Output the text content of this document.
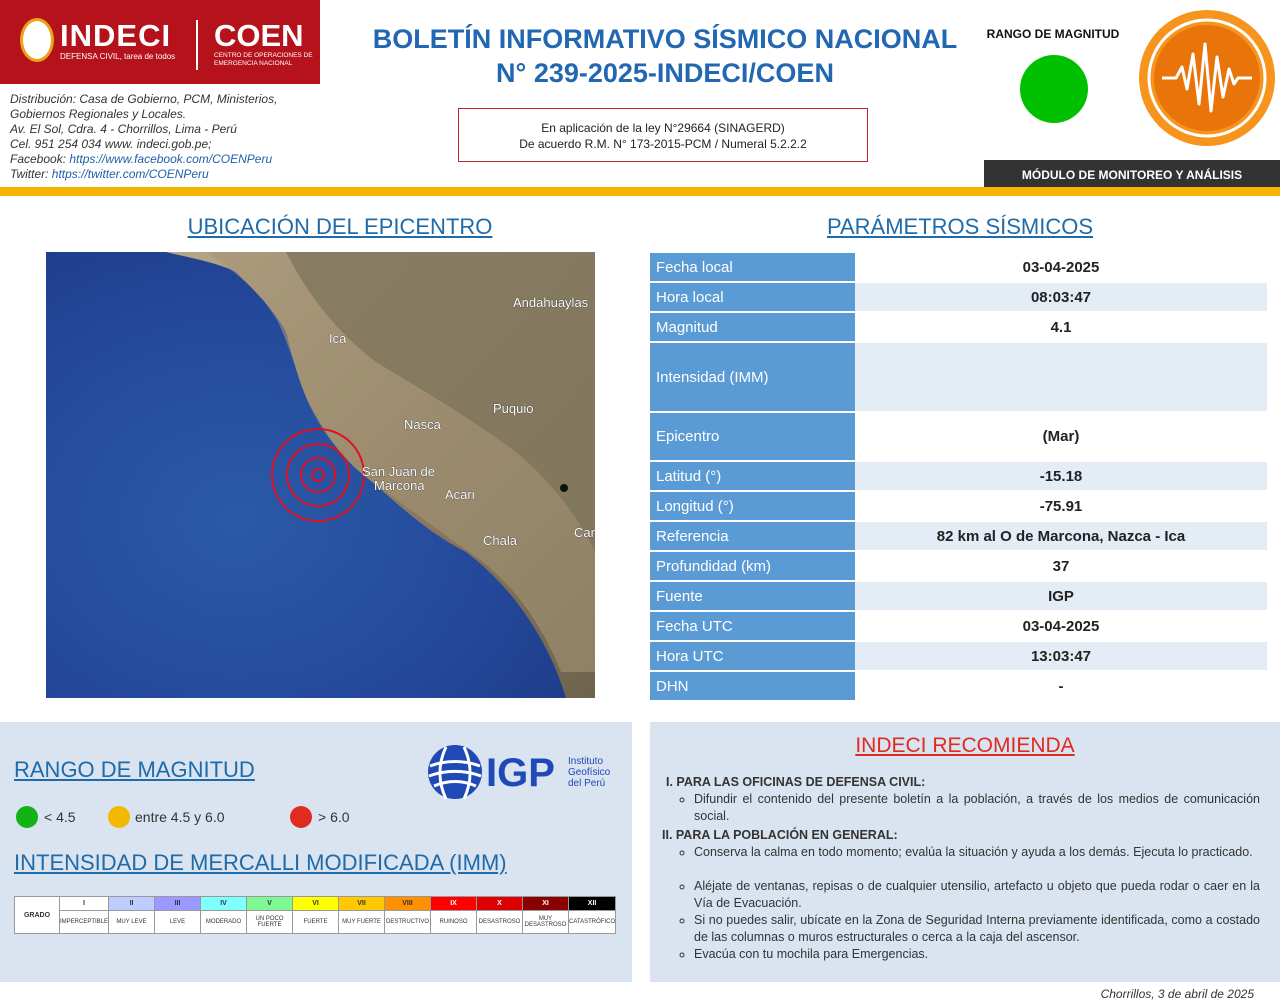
INDECI
DEFENSA CIVIL, tarea de todos
COEN
CENTRO DE OPERACIONES DE EMERGENCIA NACIONAL
Distribución: Casa de Gobierno, PCM, Ministerios,
Gobiernos Regionales y Locales.
Av. El Sol, Cdra. 4 - Chorrillos, Lima - Perú
Cel. 951 254 034 www. indeci.gob.pe;
Facebook: https://www.facebook.com/COENPeru
Twitter: https://twitter.com/COENPeru
BOLETÍN INFORMATIVO SÍSMICO NACIONAL
N° 239-2025-INDECI/COEN
En aplicación de la ley N°29664 (SINAGERD)
De acuerdo R.M. N° 173-2015-PCM / Numeral 5.2.2.2
RANGO DE MAGNITUD
MÓDULO DE MONITOREO Y ANÁLISIS
UBICACIÓN DEL EPICENTRO	PARÁMETROS SÍSMICOS
Andahuaylas
Ica
Puquio
Nasca
San Juan de
Marcona
Acari
Chala
Car
Fecha local	03-04-2025
Hora local	08:03:47
Magnitud	4.1
Intensidad (IMM)	
Epicentro	(Mar)
Latitud (°)	-15.18
Longitud (°)	-75.91
Referencia	82 km al O de Marcona, Nazca - Ica
Profundidad (km)	37
Fuente	IGP
Fecha UTC	03-04-2025
Hora UTC	13:03:47
DHN	-
RANGO DE MAGNITUD	IGP Instituto
Geofísico
del Perú
< 4.5	entre 4.5 y 6.0	> 6.0
INTENSIDAD DE MERCALLI MODIFICADA (IMM)
GRADO	I	II	III	IV	V	VI	VII	VIII	IX	X	XI	XII
	IMPERCEPTIBLE	MUY LEVE	LEVE	MODERADO	UN POCO FUERTE	FUERTE	MUY FUERTE	DESTRUCTIVO	RUINOSO	DESASTROSO	MUY DESASTROSO	CATASTRÓFICO
INDECI RECOMIENDA
I. PARA LAS OFICINAS DE DEFENSA CIVIL:
◦ Difundir el contenido del presente boletín a la población, a través de los medios de comunicación social.
II. PARA LA POBLACIÓN EN GENERAL:
◦ Conserva la calma en todo momento; evalúa la situación y ayuda a los demás. Ejecuta lo practicado.
◦ Aléjate de ventanas, repisas o de cualquier utensilio, artefacto u objeto que pueda rodar o caer en la Vía de Evacuación.
◦ Si no puedes salir, ubícate en la Zona de Seguridad Interna previamente identificada, como a costado de las columnas o muros estructurales o cerca a la caja del ascensor.
◦ Evacúa con tu mochila para Emergencias.
Chorrillos, 3 de abril de 2025
